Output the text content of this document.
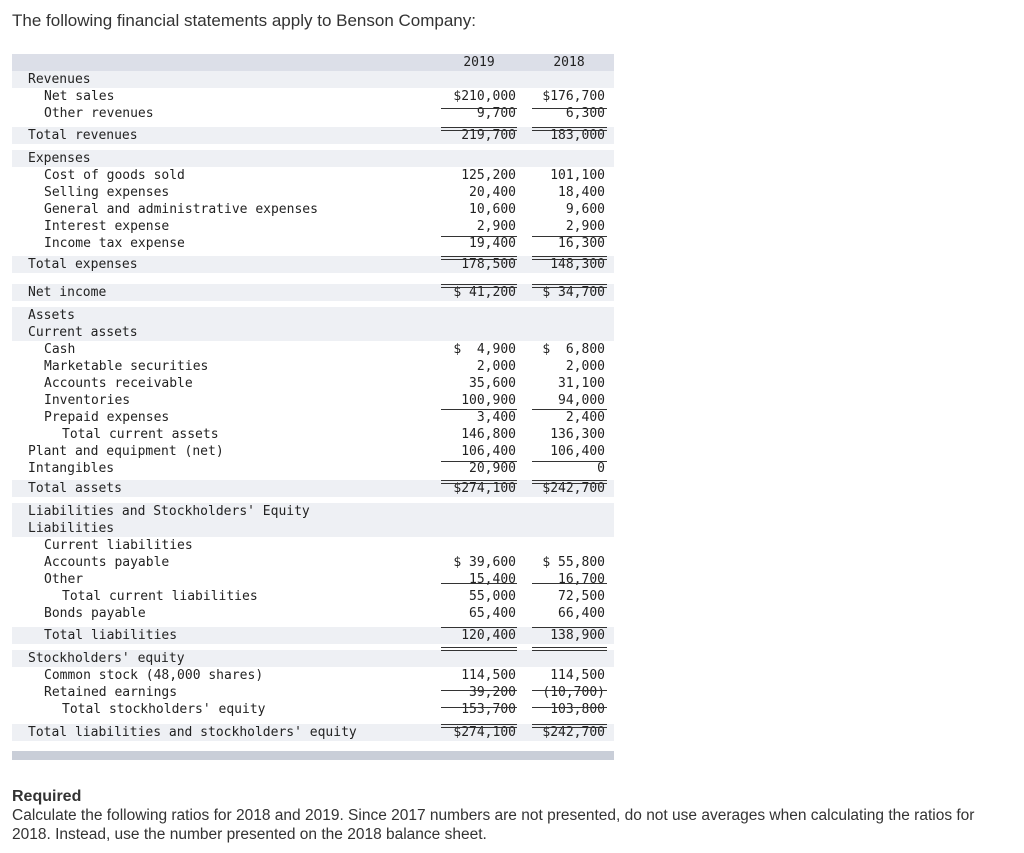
The following financial statements apply to Benson Company:
2019	2018
Revenues
Net sales	$210,000	$176,700
Other revenues	9,700	6,300
Total revenues	219,700	183,000
Expenses
Cost of goods sold	125,200	101,100
Selling expenses	20,400	18,400
General and administrative expenses	10,600	9,600
Interest expense	2,900	2,900
Income tax expense	19,400	16,300
Total expenses	178,500	148,300
Net income	$ 41,200	$ 34,700
Assets
Current assets
Cash	$  4,900	$  6,800
Marketable securities	2,000	2,000
Accounts receivable	35,600	31,100
Inventories	100,900	94,000
Prepaid expenses	3,400	2,400
Total current assets	146,800	136,300
Plant and equipment (net)	106,400	106,400
Intangibles	20,900	0
Total assets	$274,100	$242,700
Liabilities and Stockholders' Equity
Liabilities
Current liabilities
Accounts payable	$ 39,600	$ 55,800
Other	15,400	16,700
Total current liabilities	55,000	72,500
Bonds payable	65,400	66,400
Total liabilities	120,400	138,900
Stockholders' equity
Common stock (48,000 shares)	114,500	114,500
Retained earnings	39,200	(10,700)
Total stockholders' equity	153,700	103,800
Total liabilities and stockholders' equity	$274,100	$242,700
Required
Calculate the following ratios for 2018 and 2019. Since 2017 numbers are not presented, do not use averages when calculating the ratios for 2018. Instead, use the number presented on the 2018 balance sheet.
